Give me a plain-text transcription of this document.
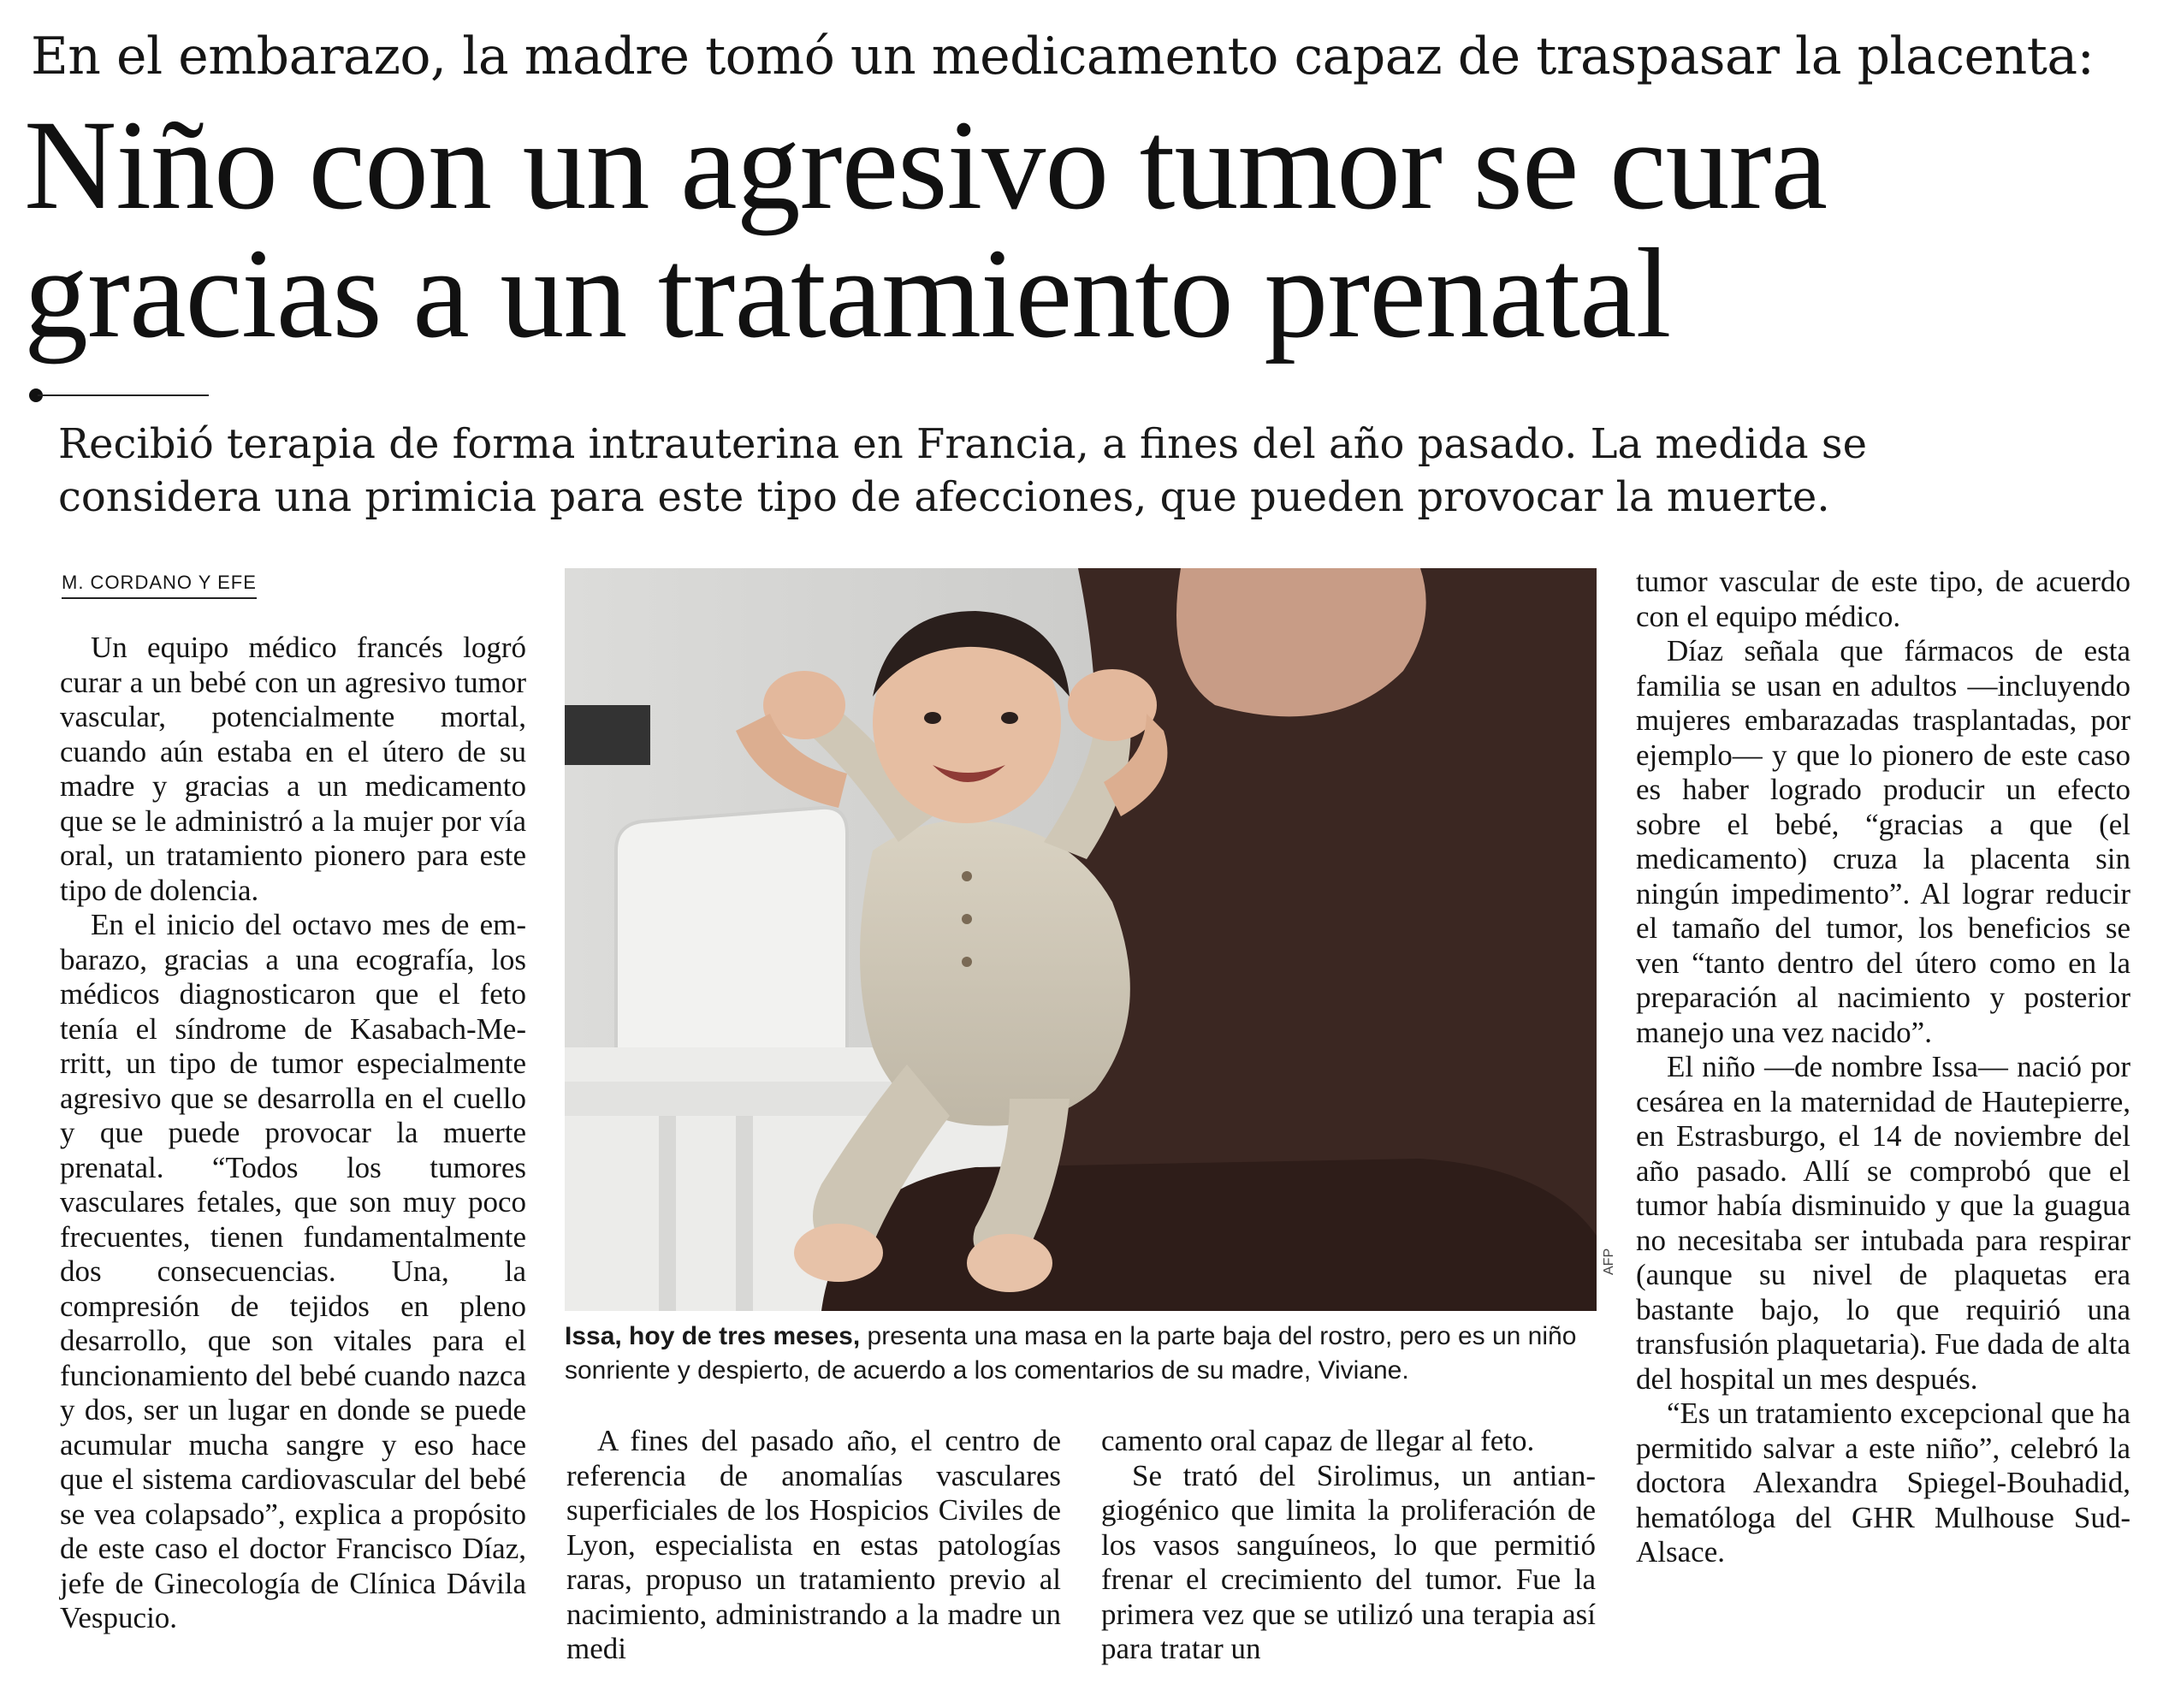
En el embarazo, la madre tomó un medicamento capaz de traspasar la placenta:
Niño con un agresivo tumor se cura
gracias a un tratamiento prenatal
Recibió terapia de forma intrauterina en Francia, a fines del año pasado. La medida se
considera una primicia para este tipo de afecciones, que pueden provocar la muerte.
M. CORDANO Y EFE

Un equipo médico francés logró curar a un bebé con un agresivo tumor vascular, potencialmente mortal, cuando aún estaba en el útero de su madre y gracias a un medicamento que se le administró a la mujer por vía oral, un tratamiento pionero para este tipo de dolencia.

En el inicio del octavo mes de embarazo, gracias a una ecografía, los médicos diagnosticaron que el feto tenía el síndrome de Kasabach-Merritt, un tipo de tumor especialmente agresivo que se desarrolla en el cuello y que puede provocar la muerte prenatal. “Todos los tumores vasculares fetales, que son muy poco frecuentes, tienen fundamentalmente dos consecuencias. Una, la compresión de tejidos en pleno desarrollo, que son vitales para el funcionamiento del bebé cuando nazca y dos, ser un lugar en donde se puede acumular mucha sangre y eso hace que el sistema cardiovascular del bebé se vea colapsado”, explica a propósito de este caso el doctor Francisco Díaz, jefe de Ginecología de Clínica Dávila Vespucio.

AFP
Issa, hoy de tres meses, presenta una masa en la parte baja del rostro, pero es un niño sonriente y despierto, de acuerdo a los comentarios de su madre, Viviane.

A fines del pasado año, el centro de referencia de anomalías vasculares superficiales de los Hospicios Civiles de Lyon, especialista en estas patologías raras, propuso un tratamiento previo al nacimiento, administrando a la madre un medi

camento oral capaz de llegar al feto.

Se trató del Sirolimus, un antiangiogénico que limita la proliferación de los vasos sanguíneos, lo que permitió frenar el crecimiento del tumor. Fue la primera vez que se utilizó una terapia así para tratar un

tumor vascular de este tipo, de acuerdo con el equipo médico.

Díaz señala que fármacos de esta familia se usan en adultos —incluyendo mujeres embarazadas trasplantadas, por ejemplo— y que lo pionero de este caso es haber logrado producir un efecto sobre el bebé, “gracias a que (el medicamento) cruza la placenta sin ningún impedimento”. Al lograr reducir el tamaño del tumor, los beneficios se ven “tanto dentro del útero como en la preparación al nacimiento y posterior manejo una vez nacido”.

El niño —de nombre Issa— nació por cesárea en la maternidad de Hautepierre, en Estrasburgo, el 14 de noviembre del año pasado. Allí se comprobó que el tumor había disminuido y que la guagua no necesitaba ser intubada para respirar (aunque su nivel de plaquetas era bastante bajo, lo que requirió una transfusión plaquetaria). Fue dada de alta del hospital un mes después.

“Es un tratamiento excepcional que ha permitido salvar a este niño”, celebró la doctora Alexandra Spiegel-Bouhadid, hematóloga del GHR Mulhouse Sud-Alsace.
